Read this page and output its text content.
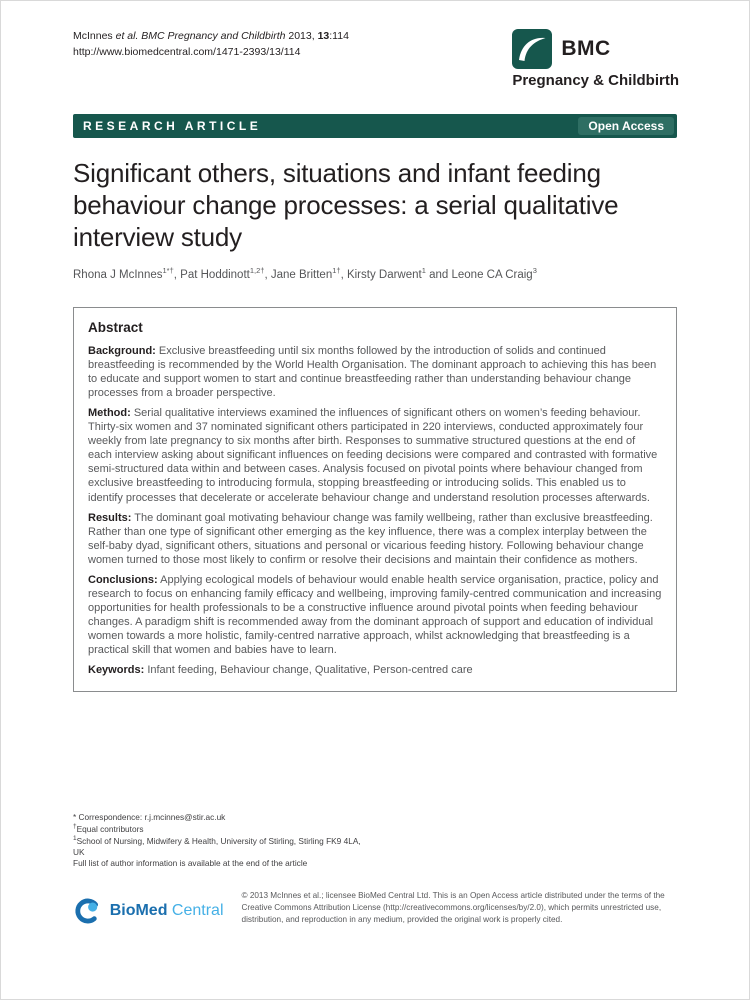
McInnes et al. BMC Pregnancy and Childbirth 2013, 13:114
http://www.biomedcentral.com/1471-2393/13/114	BMC
Pregnancy & Childbirth
RESEARCH ARTICLE	Open Access
Significant others, situations and infant feeding behaviour change processes: a serial qualitative interview study

Rhona J McInnes$^{1*\dagger}$, Pat Hoddinott$^{1,2\dagger}$, Jane Britten$^{1\dagger}$, Kirsty Darwent$^1$ and Leone CA Craig$^3$

Abstract

Background: Exclusive breastfeeding until six months followed by the introduction of solids and continued breastfeeding is recommended by the World Health Organisation. The dominant approach to achieving this has been to educate and support women to start and continue breastfeeding rather than understanding behaviour change processes from a broader perspective.

Method: Serial qualitative interviews examined the influences of significant others on women’s feeding behaviour. Thirty-six women and 37 nominated significant others participated in 220 interviews, conducted approximately four weekly from late pregnancy to six months after birth. Responses to summative structured questions at the end of each interview asking about significant influences on feeding decisions were compared and contrasted with formative semi-structured data within and between cases. Analysis focused on pivotal points where behaviour changed from exclusive breastfeeding to introducing formula, stopping breastfeeding or introducing solids. This enabled us to identify processes that decelerate or accelerate behaviour change and understand resolution processes afterwards.

Results: The dominant goal motivating behaviour change was family wellbeing, rather than exclusive breastfeeding. Rather than one type of significant other emerging as the key influence, there was a complex interplay between the self-baby dyad, significant others, situations and personal or vicarious feeding history. Following behaviour change women turned to those most likely to confirm or resolve their decisions and maintain their confidence as mothers.

Conclusions: Applying ecological models of behaviour would enable health service organisation, practice, policy and research to focus on enhancing family efficacy and wellbeing, improving family-centred communication and increasing opportunities for health professionals to be a constructive influence around pivotal points when feeding behaviour changes. A paradigm shift is recommended away from the dominant approach of support and education of individual women towards a more holistic, family-centred narrative approach, whilst acknowledging that breastfeeding is a practical skill that women and babies have to learn.

Keywords: Infant feeding, Behaviour change, Qualitative, Person-centred care

* Correspondence: r.j.mcinnes@stir.ac.uk
†Equal contributors
$^1$School of Nursing, Midwifery & Health, University of Stirling, Stirling FK9 4LA, UK
Full list of author information is available at the end of the article
BioMed Central

© 2013 McInnes et al.; licensee BioMed Central Ltd. This is an Open Access article distributed under the terms of the Creative Commons Attribution License (http://creativecommons.org/licenses/by/2.0), which permits unrestricted use, distribution, and reproduction in any medium, provided the original work is properly cited.
